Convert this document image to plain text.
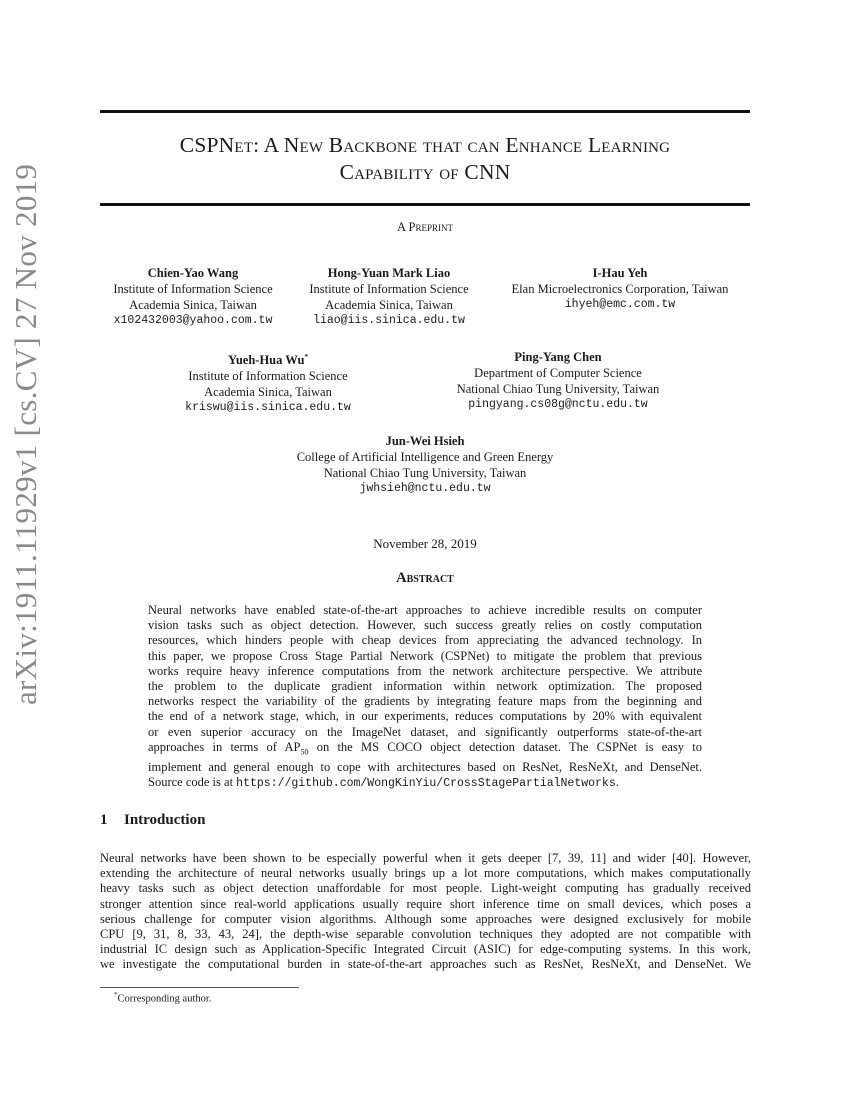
arXiv:1911.11929v1 [cs.CV] 27 Nov 2019
CSPNet: A New Backbone that can Enhance Learning
Capability of CNN
A Preprint
Chien-Yao Wang
Institute of Information Science
Academia Sinica, Taiwan
x102432003@yahoo.com.tw
Hong-Yuan Mark Liao
Institute of Information Science
Academia Sinica, Taiwan
liao@iis.sinica.edu.tw
I-Hau Yeh
Elan Microelectronics Corporation, Taiwan
ihyeh@emc.com.tw
Yueh-Hua Wu*
Institute of Information Science
Academia Sinica, Taiwan
kriswu@iis.sinica.edu.tw
Ping-Yang Chen
Department of Computer Science
National Chiao Tung University, Taiwan
pingyang.cs08g@nctu.edu.tw
Jun-Wei Hsieh
College of Artificial Intelligence and Green Energy
National Chiao Tung University, Taiwan
jwhsieh@nctu.edu.tw
November 28, 2019
Abstract
Neural networks have enabled state-of-the-art approaches to achieve incredible results on computer
vision tasks such as object detection. However, such success greatly relies on costly computation
resources, which hinders people with cheap devices from appreciating the advanced technology. In
this paper, we propose Cross Stage Partial Network (CSPNet) to mitigate the problem that previous
works require heavy inference computations from the network architecture perspective. We attribute
the problem to the duplicate gradient information within network optimization. The proposed
networks respect the variability of the gradients by integrating feature maps from the beginning and
the end of a network stage, which, in our experiments, reduces computations by 20% with equivalent
or even superior accuracy on the ImageNet dataset, and significantly outperforms state-of-the-art
approaches in terms of $AP_{50}$ on the MS COCO object detection dataset. The CSPNet is easy to
implement and general enough to cope with architectures based on ResNet, ResNeXt, and DenseNet.
Source code is at https://github.com/WongKinYiu/CrossStagePartialNetworks.
1 Introduction
Neural networks have been shown to be especially powerful when it gets deeper [7, 39, 11] and wider [40]. However,
extending the architecture of neural networks usually brings up a lot more computations, which makes computationally
heavy tasks such as object detection unaffordable for most people. Light-weight computing has gradually received
stronger attention since real-world applications usually require short inference time on small devices, which poses a
serious challenge for computer vision algorithms. Although some approaches were designed exclusively for mobile
CPU [9, 31, 8, 33, 43, 24], the depth-wise separable convolution techniques they adopted are not compatible with
industrial IC design such as Application-Specific Integrated Circuit (ASIC) for edge-computing systems. In this work,
we investigate the computational burden in state-of-the-art approaches such as ResNet, ResNeXt, and DenseNet. We
*Corresponding author.
